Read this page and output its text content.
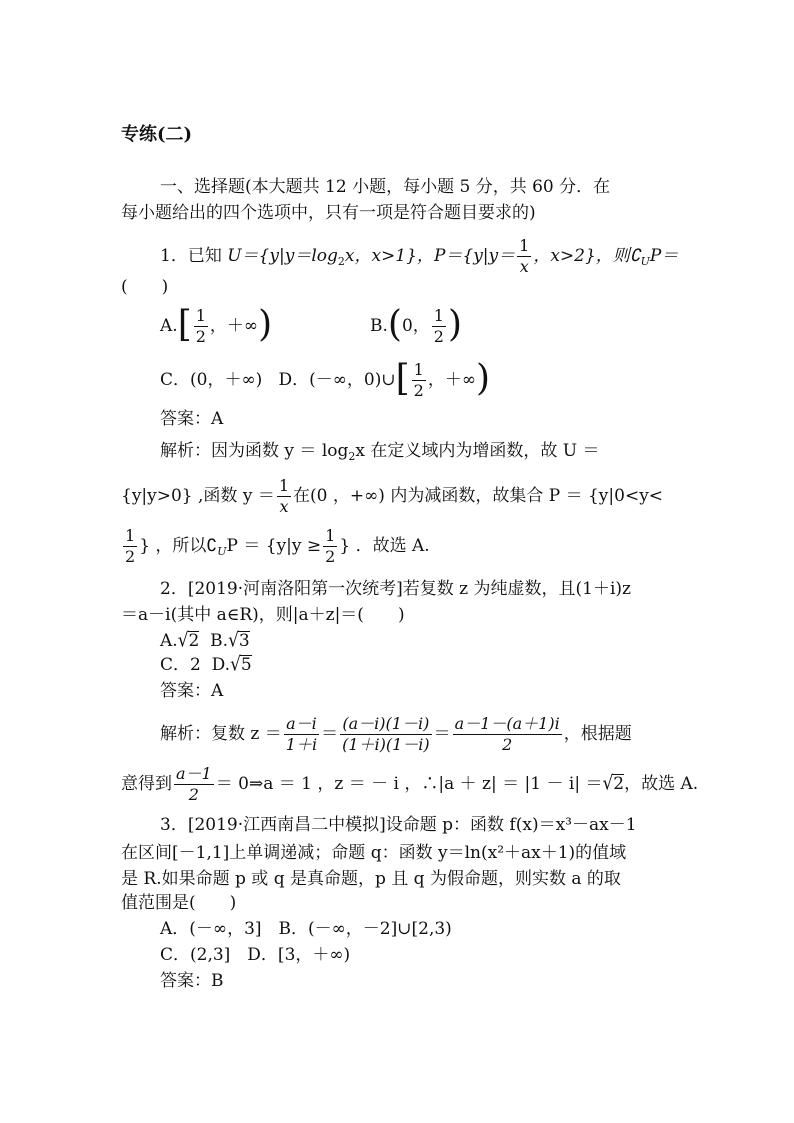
专练(二)
一、选择题(本大题共 12 小题，每小题 5 分，共 60 分．在
每小题给出的四个选项中，只有一项是符合题目要求的)
1．已知 $U=\{y|y=\log_2x$，x>1}，$P=\{y|y= \frac{1}{x}$ ，x>2}，则$∁_UP=$
(　　)
$A.[ \frac{1}{2}$ ，＋∞)	B.(0， $\frac{1}{2}$ )
C．(0，＋∞) D．(－∞，0)∪[ $\frac{1}{2}$ ，＋∞)
答案：A
解析：因为函数 $y = \log_2x$ 在定义域内为增函数，故 U ＝
{y|y>0} ,函数 $y = \frac{1}{x}$ 在(0 ，+∞) 内为减函数，故集合 P ＝ {y|0<y<
$\frac{1}{2}$ } ，所以$∁_UP = \{y|y \ge \frac{1}{2}$ } ．故选 A.
2．[2019·河南洛阳第一次统考]若复数 z 为纯虚数，且(1＋i)z
＝a－i(其中 a∈R)，则|a＋z|＝(　　)
A.√2 B.√3
C．2 D.√5
答案：A
解析：复数 $z = \frac{a-i}{1+i} = \frac{(a-i)(1-i)}{(1+i)(1-i)} = \frac{a-1-(a+1)i}{2}$ ，根据题
意得到 $\frac{a-1}{2}$ ＝ 0⇒a ＝ 1 ，z ＝ － i ，∴|a ＋ z| ＝ |1 － i| ＝√2，故选 A.
3．[2019·江西南昌二中模拟]设命题 p：函数 f(x)＝x³－ax－1
在区间[－1,1]上单调递减；命题 q：函数 y＝ln(x²＋ax＋1)的值域
是 R.如果命题 p 或 q 是真命题，p 且 q 为假命题，则实数 a 的取
值范围是(　　)
A．(－∞，3]　B．(－∞，－2]∪[2,3)
C．(2,3]　D．[3，＋∞)
答案：B
